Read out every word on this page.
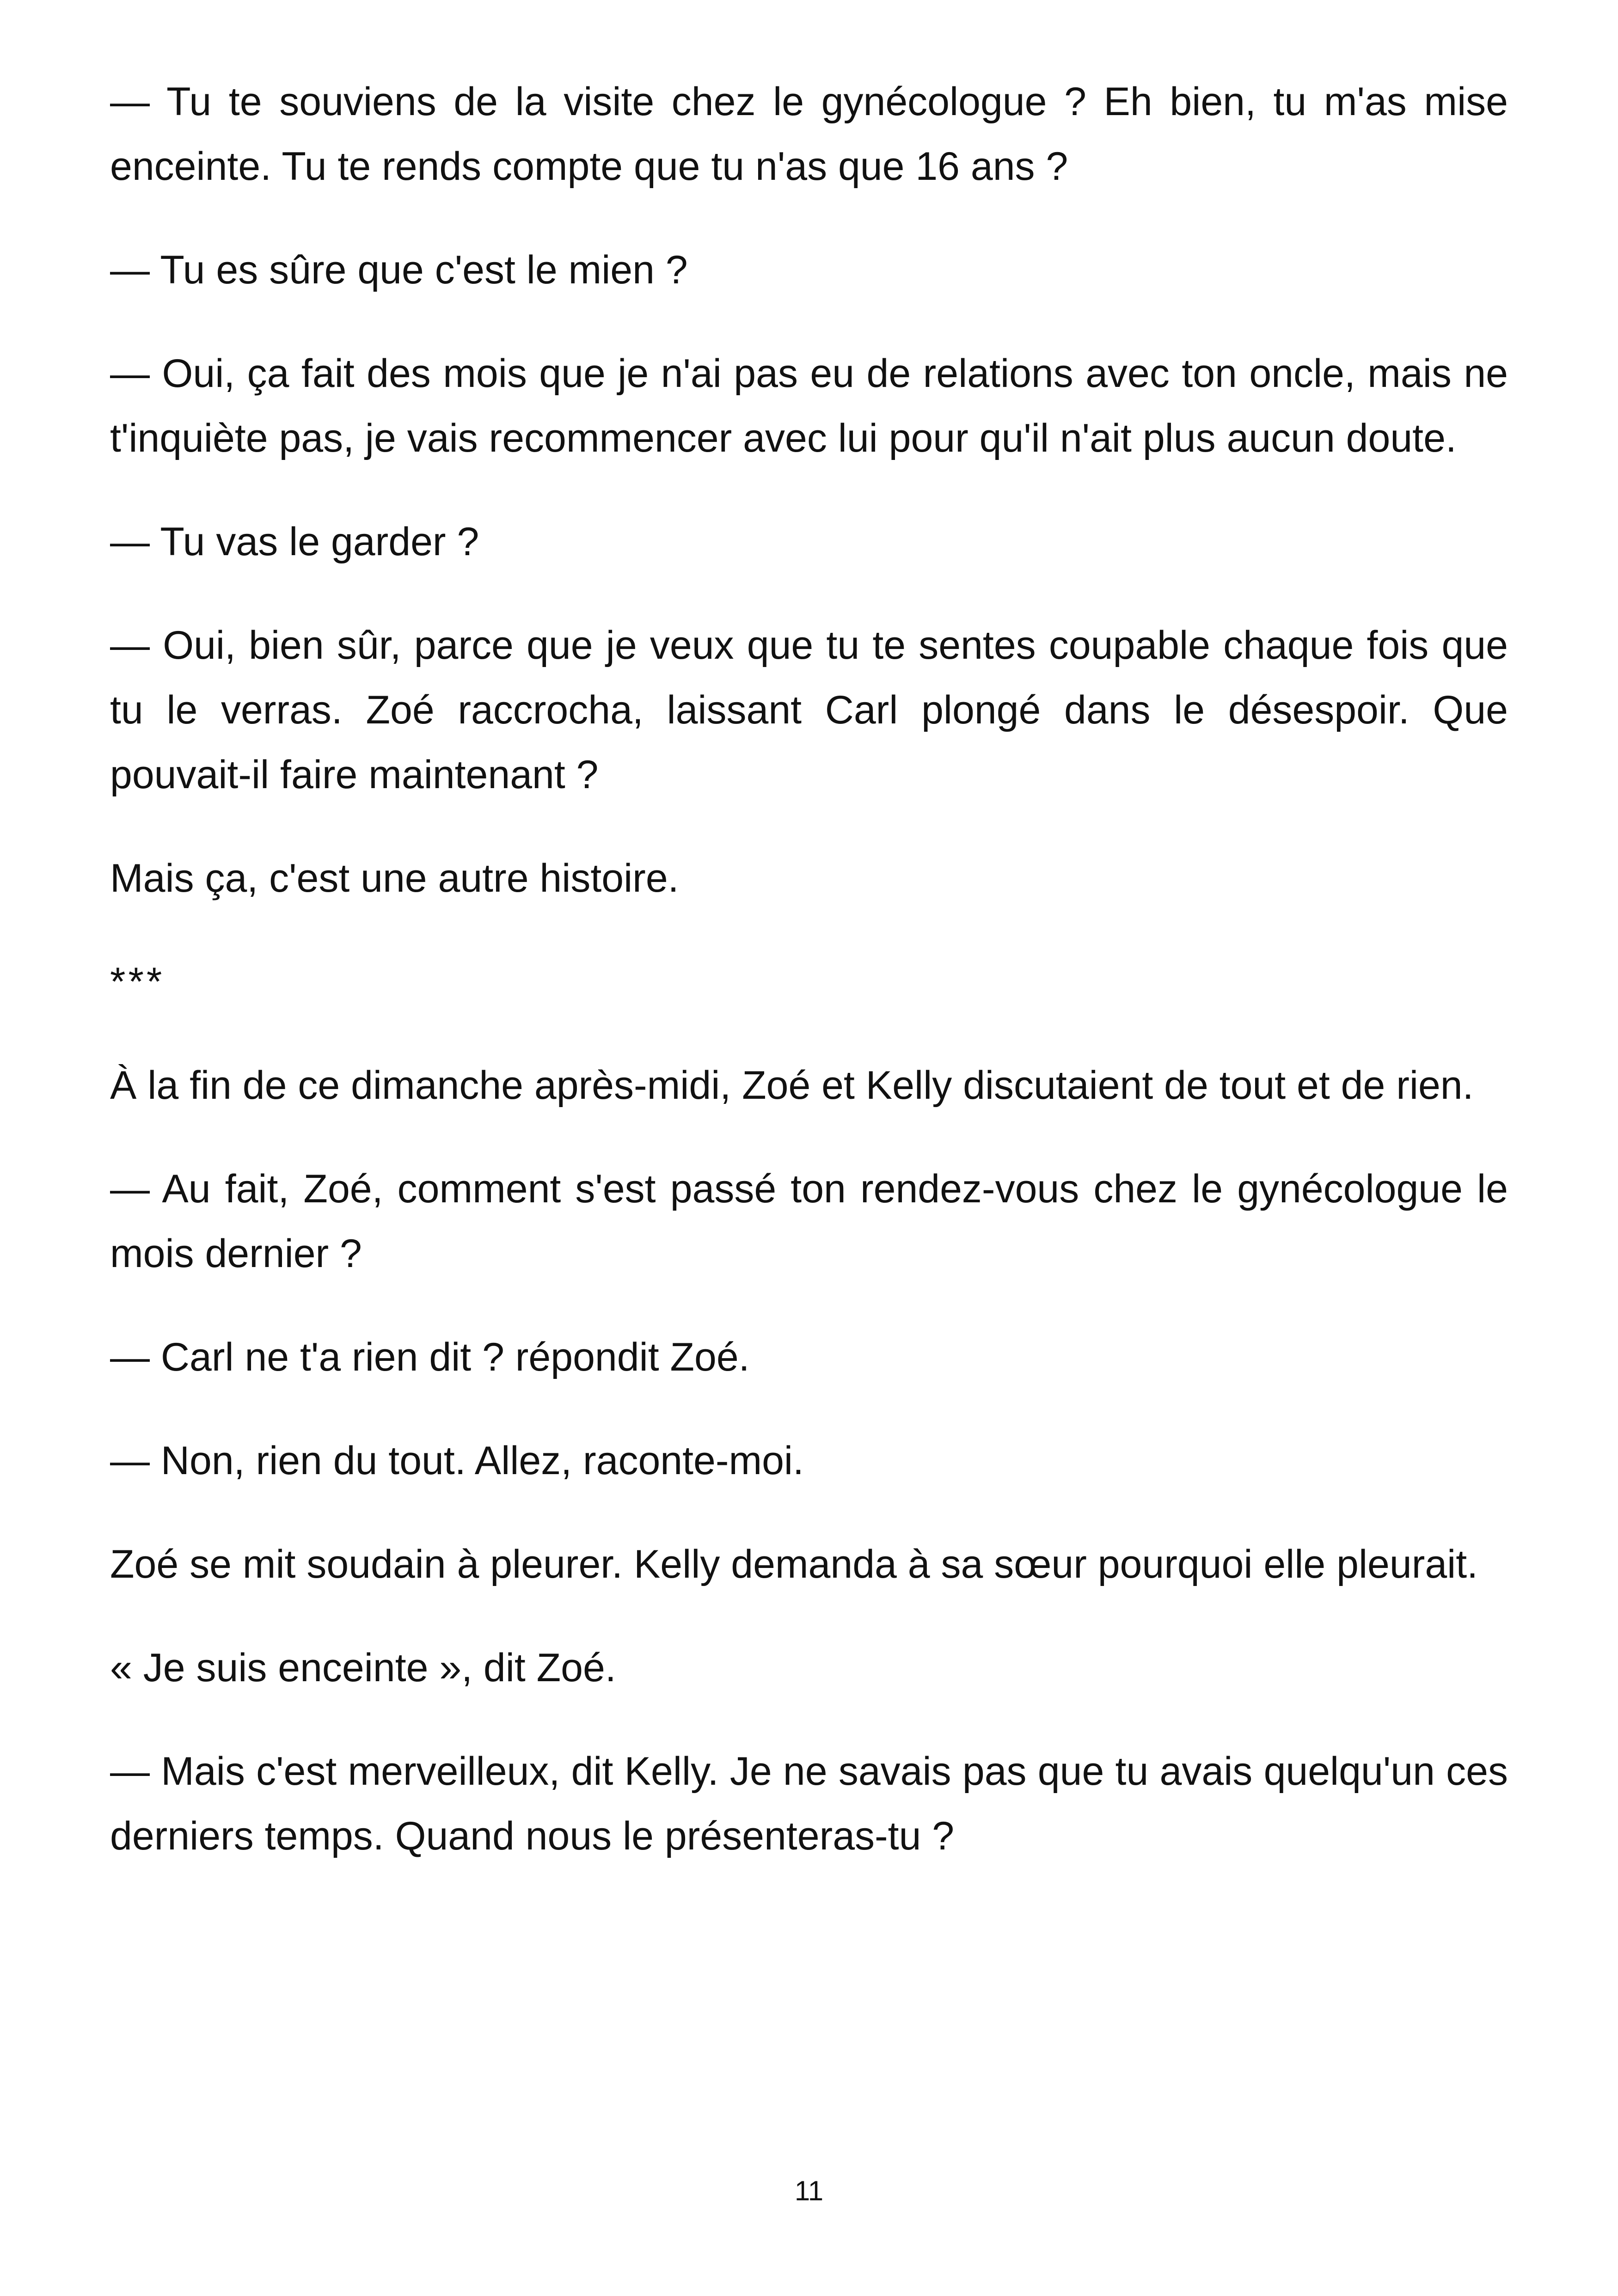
— Tu te souviens de la visite chez le gynécologue ? Eh bien, tu m'as mise enceinte. Tu te rends compte que tu n'as que 16 ans ?

— Tu es sûre que c'est le mien ?

— Oui, ça fait des mois que je n'ai pas eu de relations avec ton oncle, mais ne t'inquiète pas, je vais recommencer avec lui pour qu'il n'ait plus aucun doute.

— Tu vas le garder ?

— Oui, bien sûr, parce que je veux que tu te sentes coupable chaque fois que tu le verras. Zoé raccrocha, laissant Carl plongé dans le désespoir. Que pouvait-il faire maintenant ?

Mais ça, c'est une autre histoire.

***

À la fin de ce dimanche après-midi, Zoé et Kelly discutaient de tout et de rien.

— Au fait, Zoé, comment s'est passé ton rendez-vous chez le gynécologue le mois dernier ?

— Carl ne t'a rien dit ? répondit Zoé.

— Non, rien du tout. Allez, raconte-moi.

Zoé se mit soudain à pleurer. Kelly demanda à sa sœur pourquoi elle pleurait.

« Je suis enceinte », dit Zoé.

— Mais c'est merveilleux, dit Kelly. Je ne savais pas que tu avais quelqu'un ces derniers temps. Quand nous le présenteras-tu ?

11
